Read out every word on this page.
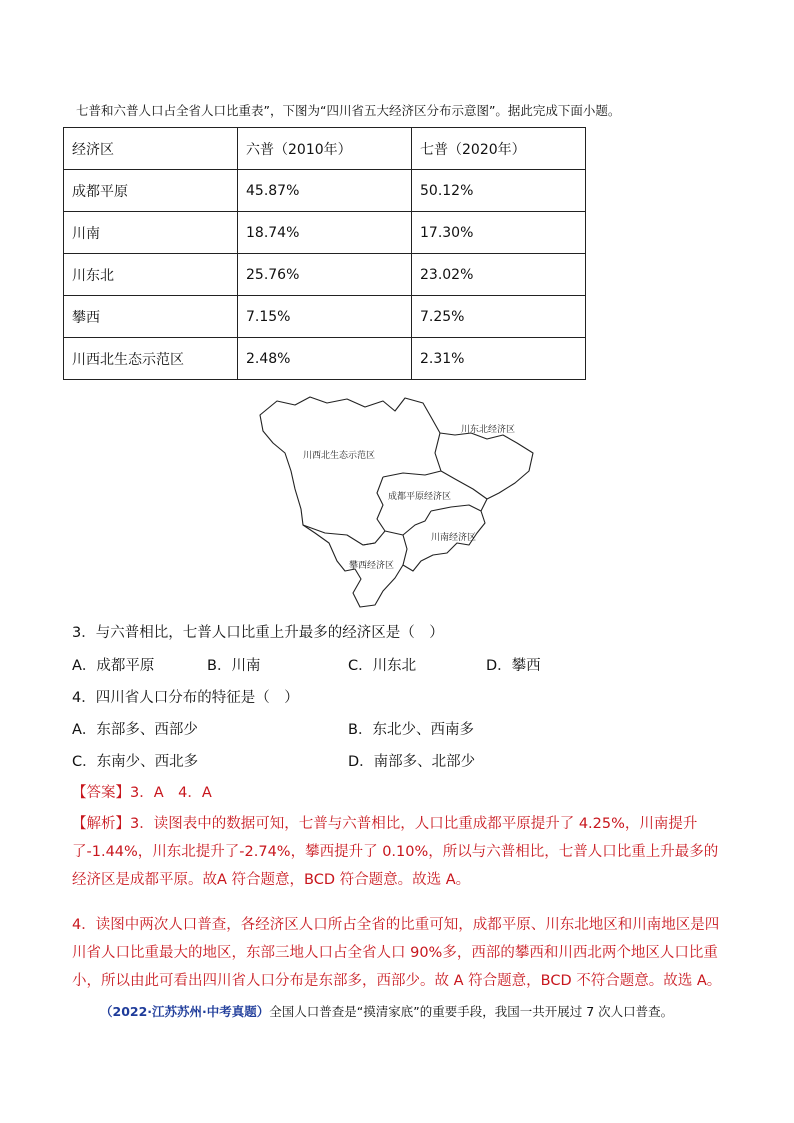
七普和六普人口占全省人口比重表”，下图为“四川省五大经济区分布示意图”。据此完成下面小题。
经济区	六普（2010年）	七普（2020年）
成都平原	45.87%	50.12%
川南	18.74%	17.30%
川东北	25.76%	23.02%
攀西	7.15%	7.25%
川西北生态示范区	2.48%	2.31%
川西北生态示范区
川东北经济区
成都平原经济区
川南经济区
攀西经济区
3．与六普相比，七普人口比重上升最多的经济区是（　）
A．成都平原	B．川南	C．川东北	D．攀西
4．四川省人口分布的特征是（　）
A．东部多、西部少	B．东北少、西南多
C．东南少、西北多	D．南部多、北部少
【答案】3．A　4．A
【解析】3．读图表中的数据可知，七普与六普相比，人口比重成都平原提升了 4.25%，川南提升了-1.44%，川东北提升了-2.74%，攀西提升了 0.10%，所以与六普相比，七普人口比重上升最多的经济区是成都平原。故A 符合题意，BCD 符合题意。故选 A。
4．读图中两次人口普查，各经济区人口所占全省的比重可知，成都平原、川东北地区和川南地区是四川省人口比重最大的地区，东部三地人口占全省人口 90%多，西部的攀西和川西北两个地区人口比重小，所以由此可看出四川省人口分布是东部多，西部少。故 A 符合题意，BCD 不符合题意。故选 A。
（2022·江苏苏州·中考真题）全国人口普查是“摸清家底”的重要手段，我国一共开展过 7 次人口普查。
